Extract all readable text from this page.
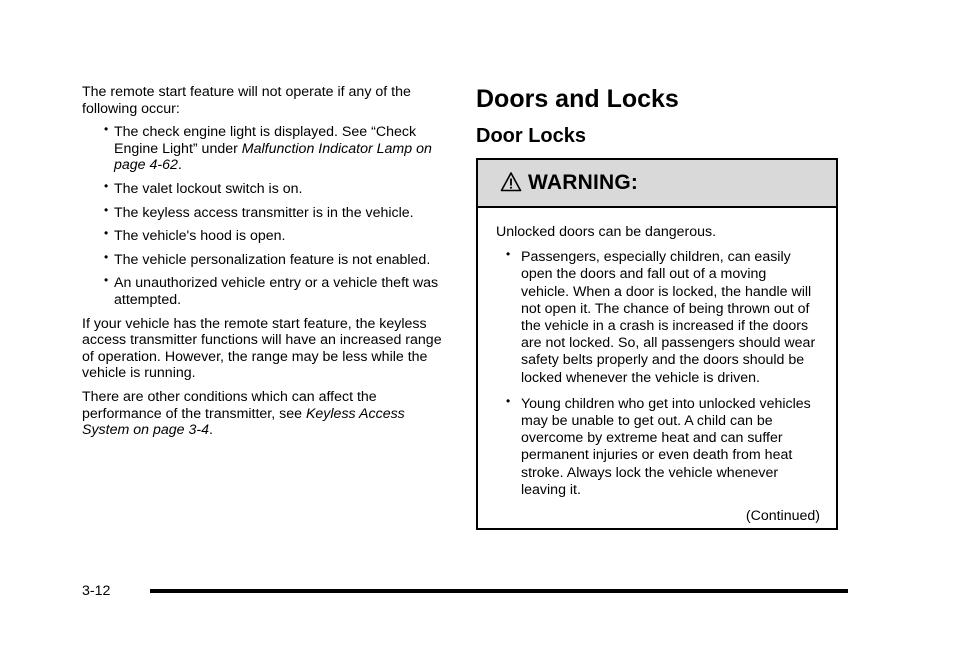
The remote start feature will not operate if any of the following occur:

• The check engine light is displayed. See “Check Engine Light” under Malfunction Indicator Lamp on page 4‑62.
• The valet lockout switch is on.
• The keyless access transmitter is in the vehicle.
• The vehicle's hood is open.
• The vehicle personalization feature is not enabled.
• An unauthorized vehicle entry or a vehicle theft was attempted.

If your vehicle has the remote start feature, the keyless access transmitter functions will have an increased range of operation. However, the range may be less while the vehicle is running.

There are other conditions which can affect the performance of the transmitter, see Keyless Access System on page 3‑4.

Doors and Locks
Door Locks
WARNING:

Unlocked doors can be dangerous.

• Passengers, especially children, can easily open the doors and fall out of a moving vehicle. When a door is locked, the handle will not open it. The chance of being thrown out of the vehicle in a crash is increased if the doors are not locked. So, all passengers should wear safety belts properly and the doors should be locked whenever the vehicle is driven.
• Young children who get into unlocked vehicles may be unable to get out. A child can be overcome by extreme heat and can suffer permanent injuries or even death from heat stroke. Always lock the vehicle whenever leaving it.
(Continued)
3-12
